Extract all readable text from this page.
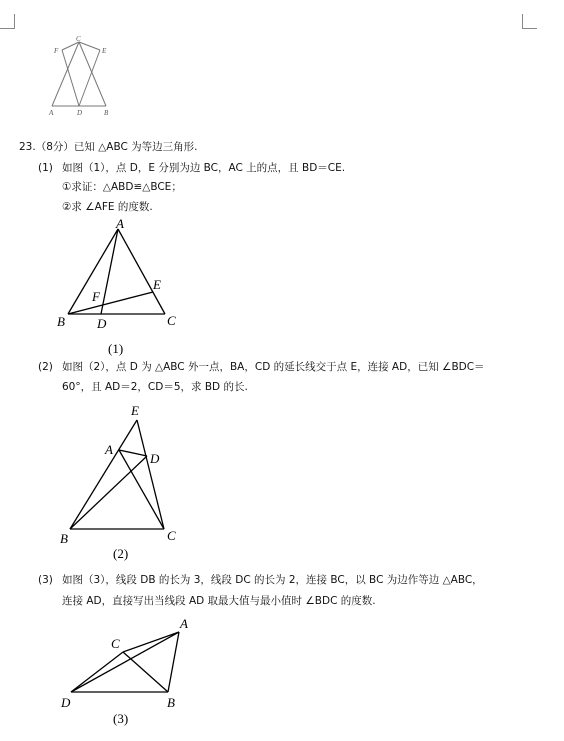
C
F	E
A	D	B
23.（8分）已知 △ABC 为等边三角形.
(1) 如图（1），点 D，E 分别为边 BC，AC 上的点，且 BD＝CE.
①求证：△ABD≌△BCE；
②求 ∠AFE 的度数.
A
B	C
D
E
F
(1)
(2) 如图（2），点 D 为 △ABC 外一点，BA，CD 的延长线交于点 E，连接 AD，已知 ∠BDC＝
60°，且 AD＝2，CD＝5，求 BD 的长.
E
A
D
B	C
(2)
(3) 如图（3），线段 DB 的长为 3，线段 DC 的长为 2，连接 BC，以 BC 为边作等边 △ABC，
连接 AD，直接写出当线段 AD 取最大值与最小值时 ∠BDC 的度数.
C
A
D	B
(3)
